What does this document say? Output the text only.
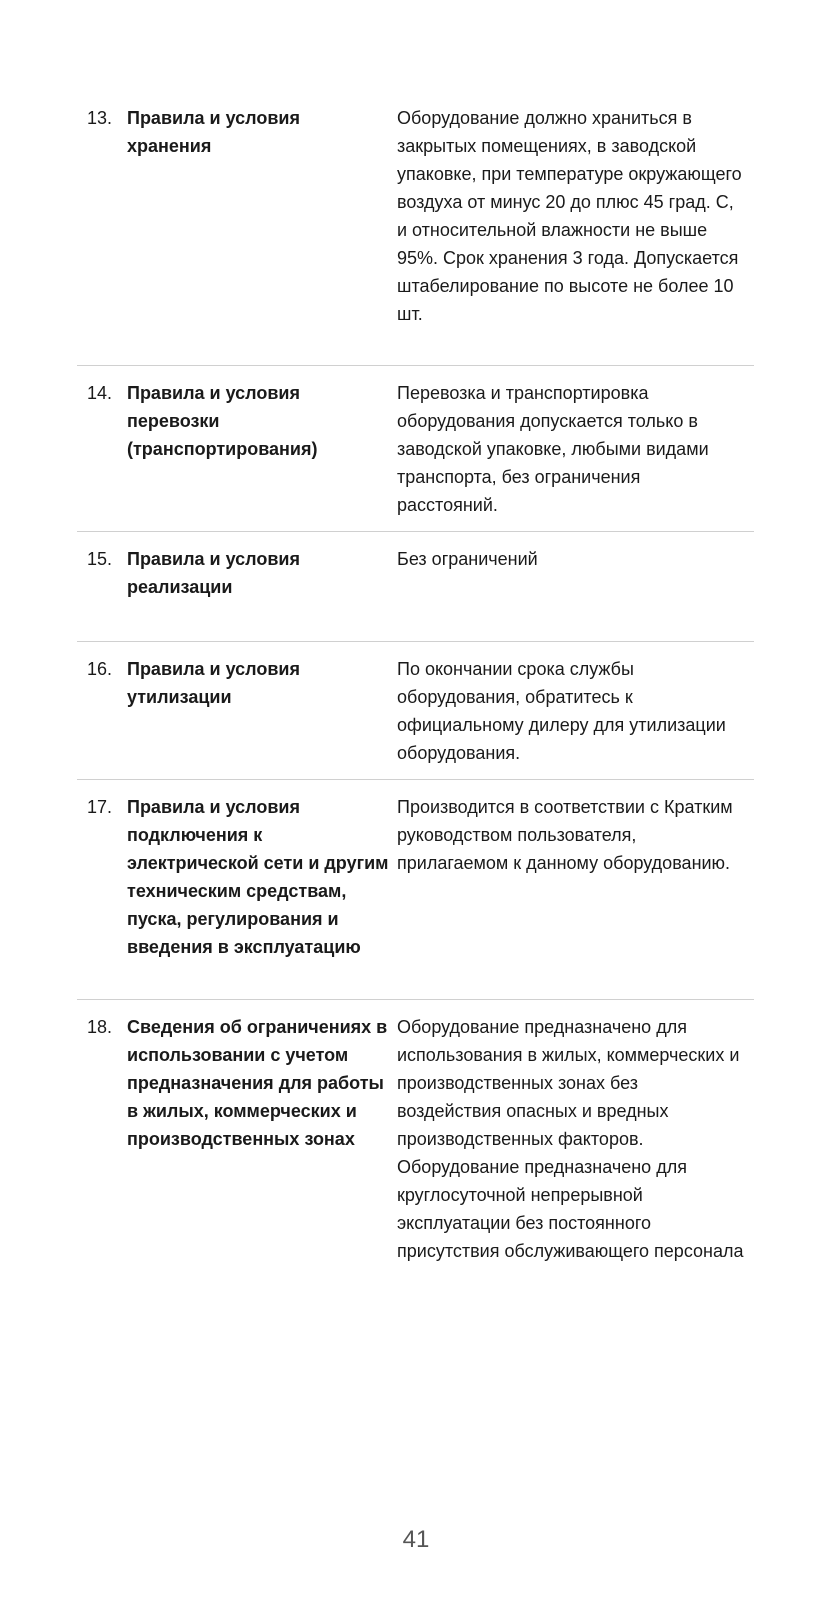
13. Правила и условия хранения
Оборудование должно храниться в закрытых помещениях, в заводской упаковке, при температуре окружающего воздуха от минус 20 до плюс 45 град. С, и относительной влажности не выше 95%. Срок хранения 3 года. Допускается штабелирование по высоте не более 10 шт.
14. Правила и условия перевозки (транспортирования)
Перевозка и транспортировка оборудования допускается только в заводской упаковке, любыми видами транспорта, без ограничения расстояний.
15. Правила и условия реализации
Без ограничений
16. Правила и условия утилизации
По окончании срока службы оборудования, обратитесь к официальному дилеру для утилизации оборудования.
17. Правила и условия подключения к электрической сети и другим техническим средствам, пуска, регулирования и введения в эксплуатацию
Производится в соответствии с Кратким руководством пользователя, прилагаемом к данному оборудованию.
18. Сведения об ограничениях в использовании с учетом предназначения для работы в жилых, коммерческих и производственных зонах
Оборудование предназначено для использования в жилых, коммерческих и производственных зонах без воздействия опасных и вредных производственных факторов.
Оборудование предназначено для круглосуточной непрерывной эксплуатации без постоянного присутствия обслуживающего персонала
41
